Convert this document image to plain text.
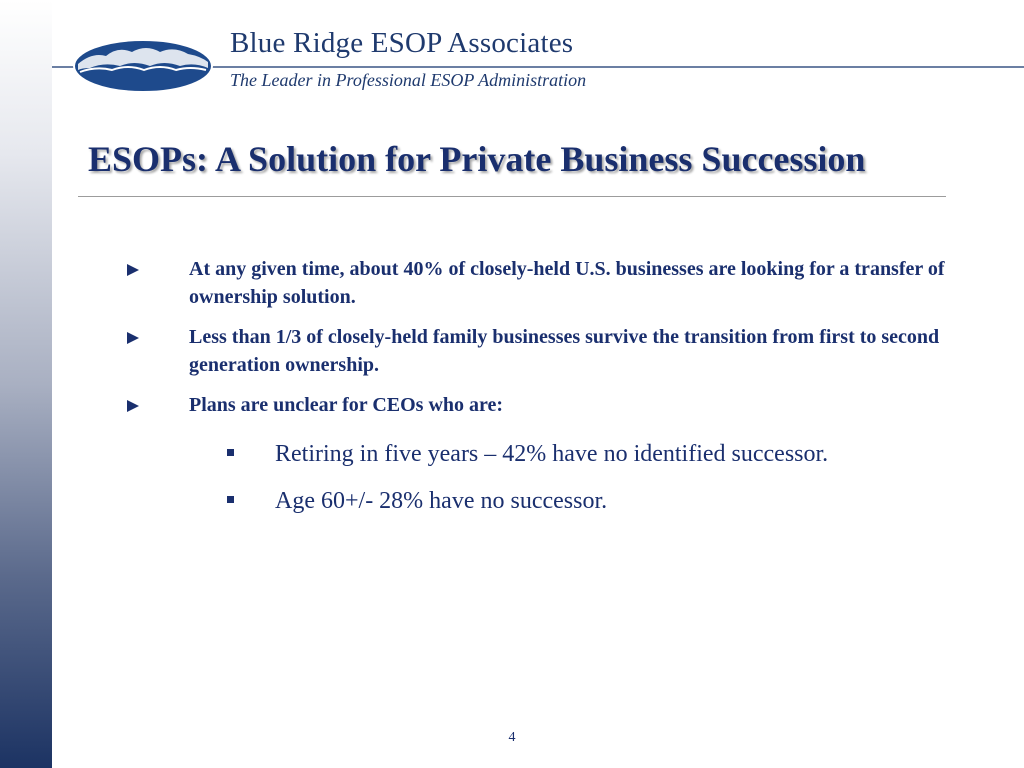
Blue Ridge ESOP Associates
The Leader in Professional ESOP Administration
ESOPs: A Solution for Private Business Succession
At any given time, about 40% of closely-held U.S. businesses are looking for a transfer of ownership solution.
Less than 1/3 of closely-held family businesses survive the transition from first to second generation ownership.
Plans are unclear for CEOs who are:
Retiring in five years – 42% have no identified successor.
Age 60+/- 28% have no successor.
4
